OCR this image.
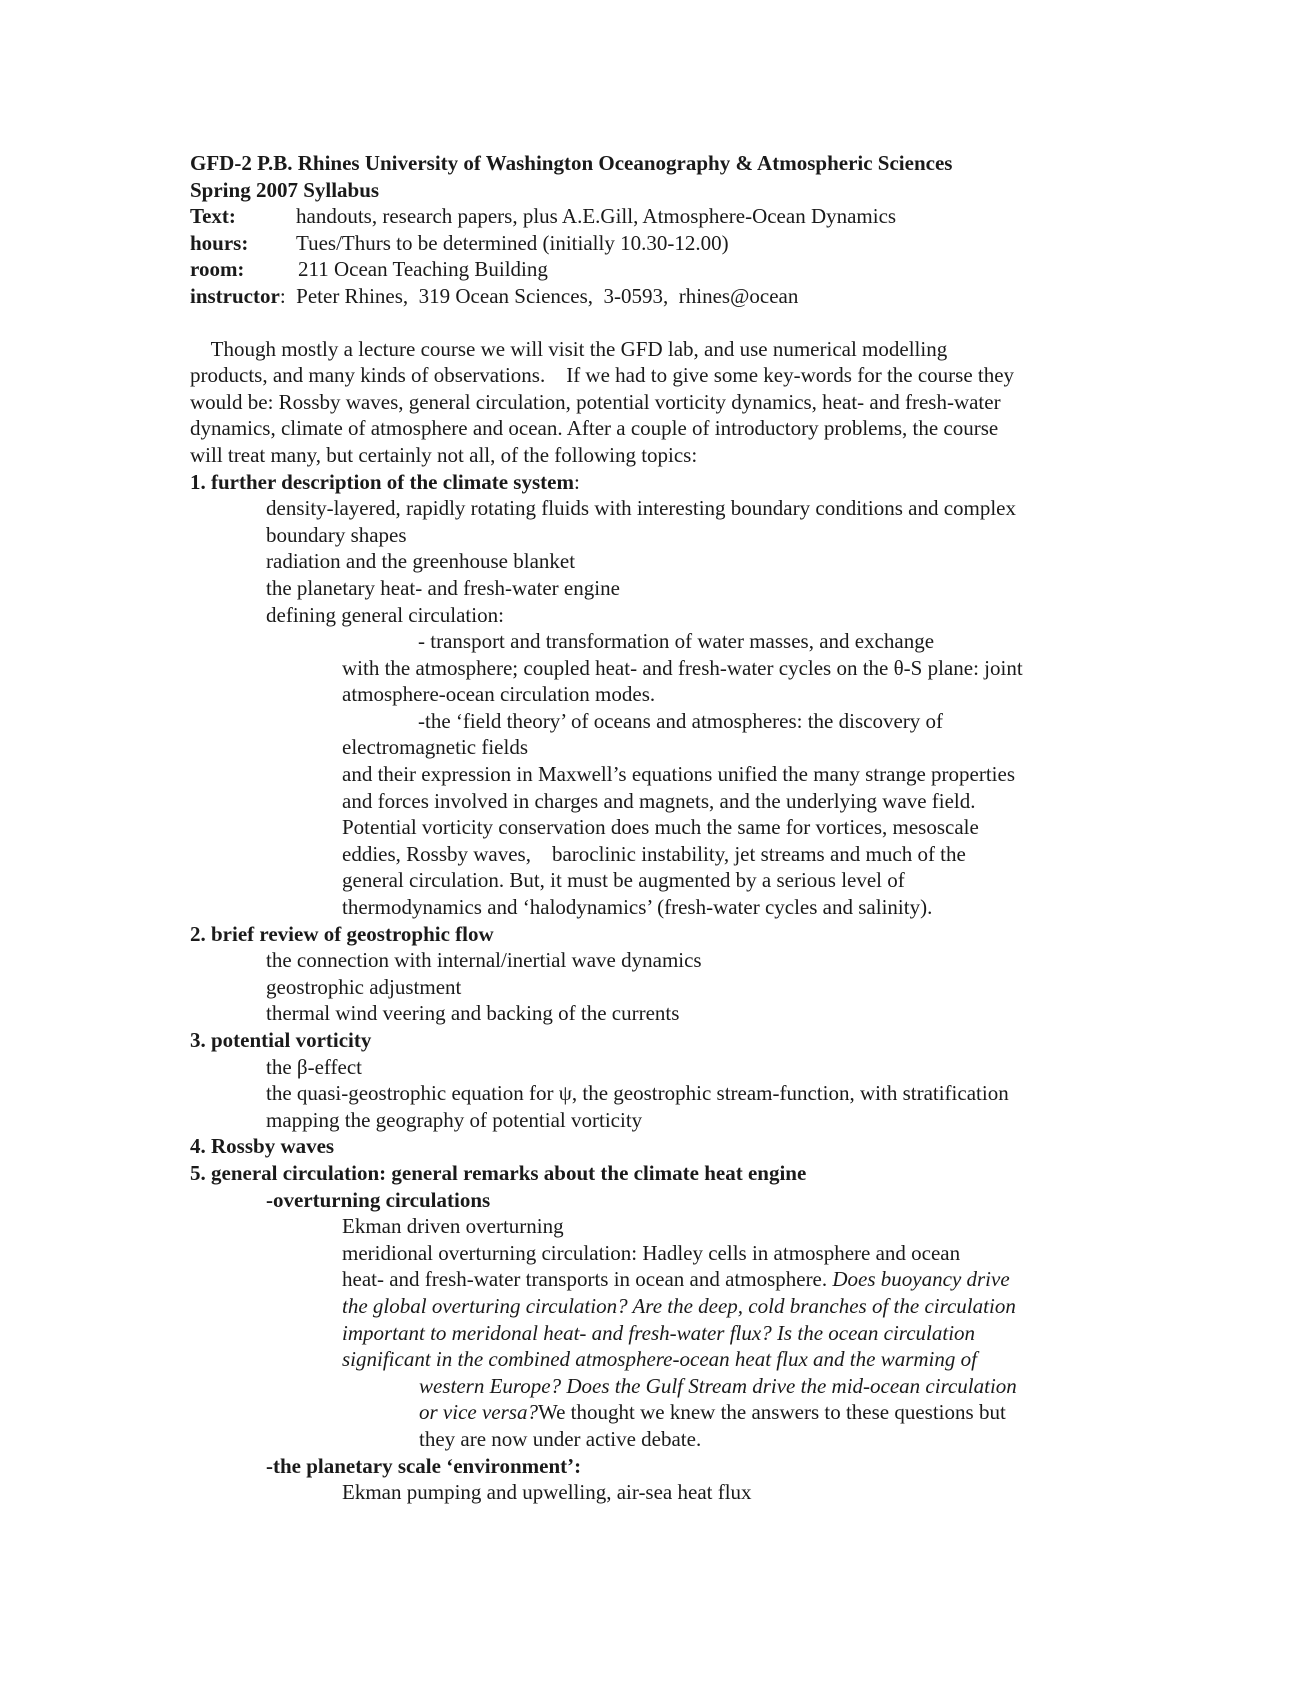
GFD-2 P.B. Rhines University of Washington Oceanography & Atmospheric Sciences
Spring 2007 Syllabus
Text:	handouts, research papers, plus A.E.Gill, Atmosphere-Ocean Dynamics
hours:	Tues/Thurs to be determined (initially 10.30-12.00)
room:	211 Ocean Teaching Building
instructor :  Peter Rhines,  319 Ocean Sciences,  3-0593,  rhines@ocean
Though mostly a lecture course we will visit the GFD lab, and use numerical modelling
products, and many kinds of observations.    If we had to give some key-words for the course they
would be: Rossby waves, general circulation, potential vorticity dynamics, heat- and fresh-water
dynamics, climate of atmosphere and ocean. After a couple of introductory problems, the course
will treat many, but certainly not all, of the following topics:
1. further description of the climate system:
density-layered, rapidly rotating fluids with interesting boundary conditions and complex
boundary shapes
radiation and the greenhouse blanket
the planetary heat- and fresh-water engine
defining general circulation:
- transport and transformation of water masses, and exchange
with the atmosphere; coupled heat- and fresh-water cycles on the θ-S plane: joint
atmosphere-ocean circulation modes.
-the ‘field theory’ of oceans and atmospheres: the discovery of
electromagnetic fields
and their expression in Maxwell’s equations unified the many strange properties
and forces involved in charges and magnets, and the underlying wave field.
Potential vorticity conservation does much the same for vortices, mesoscale
eddies, Rossby waves,    baroclinic instability, jet streams and much of the
general circulation. But, it must be augmented by a serious level of
thermodynamics and ‘halodynamics’ (fresh-water cycles and salinity).
2. brief review of geostrophic flow
the connection with internal/inertial wave dynamics
geostrophic adjustment
thermal wind veering and backing of the currents
3. potential vorticity
the β-effect
the quasi-geostrophic equation for ψ, the geostrophic stream-function, with stratification
mapping the geography of potential vorticity
4. Rossby waves
5. general circulation: general remarks about the climate heat engine
-overturning circulations
Ekman driven overturning
meridional overturning circulation: Hadley cells in atmosphere and ocean
heat- and fresh-water transports in ocean and atmosphere. Does buoyancy drive
the global overturing circulation? Are the deep, cold branches of the circulation
important to meridonal heat- and fresh-water flux? Is the ocean circulation
significant in the combined atmosphere-ocean heat flux and the warming of
western Europe? Does the Gulf Stream drive the mid-ocean circulation
or vice versa?We thought we knew the answers to these questions but
they are now under active debate.
-the planetary scale ‘environment’:
Ekman pumping and upwelling, air-sea heat flux
